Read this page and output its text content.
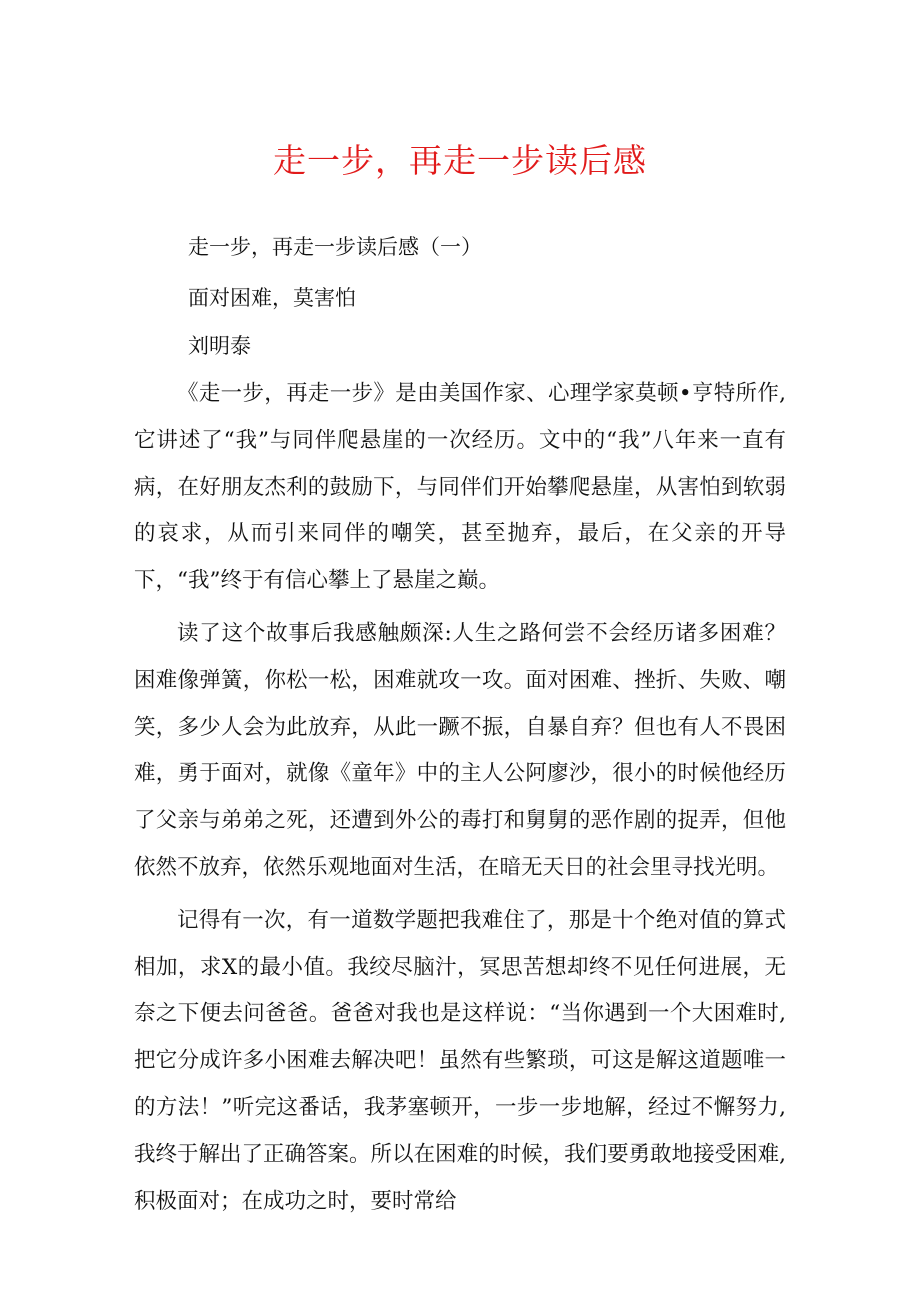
走一步，再走一步读后感

走一步，再走一步读后感（一）

面对困难，莫害怕

刘明泰

《走一步，再走一步》是由美国作家、心理学家莫顿•亨特所作,它讲述了“我”与同伴爬悬崖的一次经历。文中的“我”八年来一直有病，在好朋友杰利的鼓励下，与同伴们开始攀爬悬崖，从害怕到软弱的哀求，从而引来同伴的嘲笑，甚至抛弃，最后，在父亲的开导下，“我”终于有信心攀上了悬崖之巅。

读了这个故事后我感触颇深:人生之路何尝不会经历诸多困难？困难像弹簧，你松一松，困难就攻一攻。面对困难、挫折、失败、嘲笑，多少人会为此放弃，从此一蹶不振，自暴自弃？但也有人不畏困难，勇于面对，就像《童年》中的主人公阿廖沙，很小的时候他经历了父亲与弟弟之死，还遭到外公的毒打和舅舅的恶作剧的捉弄，但他依然不放弃，依然乐观地面对生活，在暗无天日的社会里寻找光明。

记得有一次，有一道数学题把我难住了，那是十个绝对值的算式相加，求X的最小值。我绞尽脑汁，冥思苦想却终不见任何进展，无奈之下便去问爸爸。爸爸对我也是这样说：“当你遇到一个大困难时,把它分成许多小困难去解决吧！虽然有些繁琐，可这是解这道题唯一的方法！”听完这番话，我茅塞顿开，一步一步地解，经过不懈努力,我终于解出了正确答案。所以在困难的时候，我们要勇敢地接受困难,积极面对；在成功之时，要时常给
